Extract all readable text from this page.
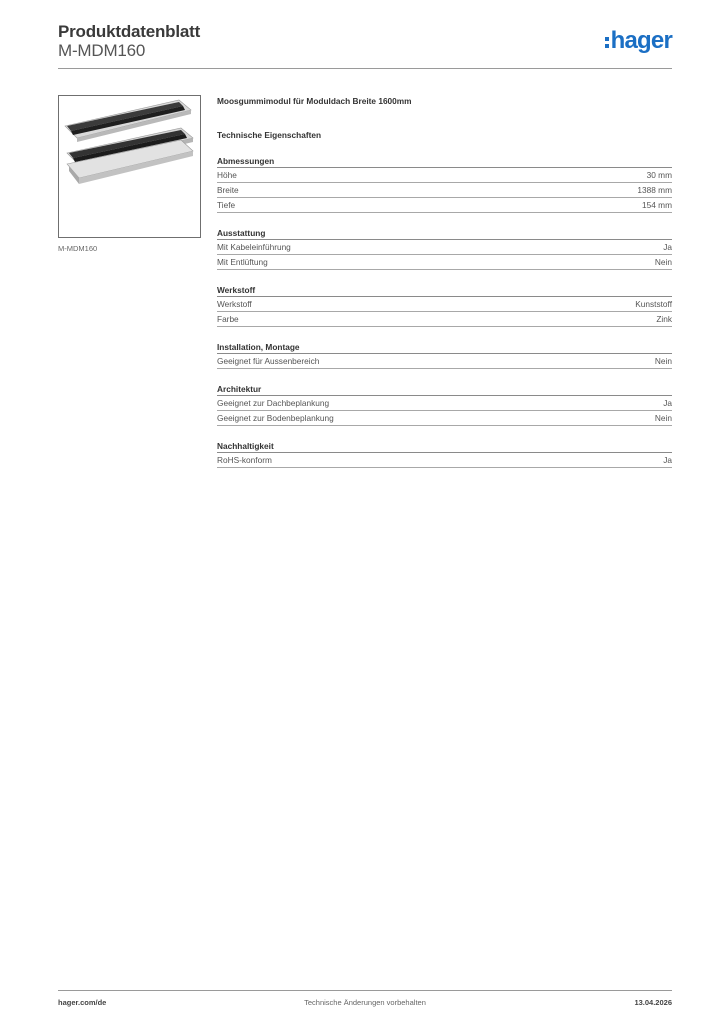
Produktdatenblatt
M-MDM160	hager
M-MDM160
Moosgummimodul für Moduldach Breite 1600mm
Technische Eigenschaften
Abmessungen
Höhe	30 mm
Breite	1388 mm
Tiefe	154 mm
Ausstattung
Mit Kabeleinführung	Ja
Mit Entlüftung	Nein
Werkstoff
Werkstoff	Kunststoff
Farbe	Zink
Installation, Montage
Geeignet für Aussenbereich	Nein
Architektur
Geeignet zur Dachbeplankung	Ja
Geeignet zur Bodenbeplankung	Nein
Nachhaltigkeit
RoHS-konform	Ja
hager.com/de	Technische Änderungen vorbehalten	13.04.2026
